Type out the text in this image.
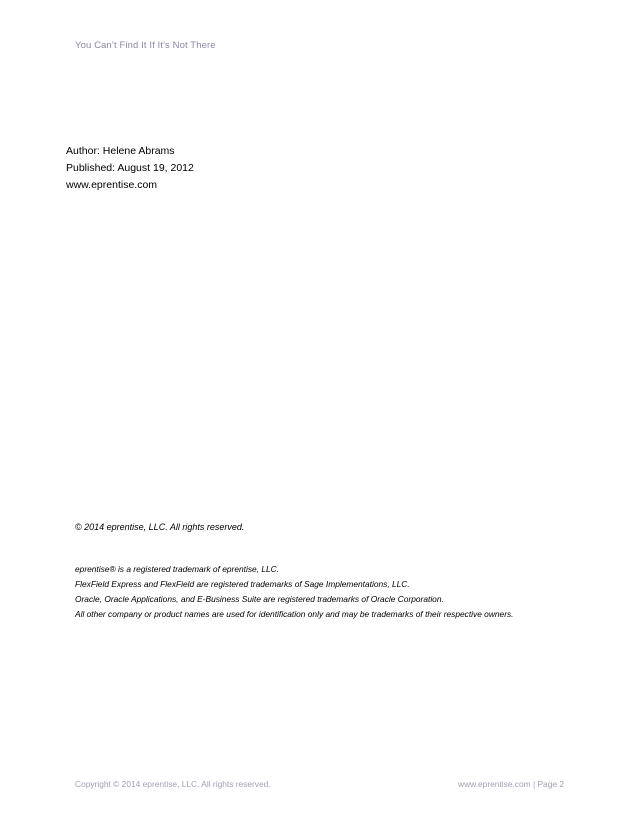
You Can’t Find It If It’s Not There
Author: Helene Abrams
Published: August 19, 2012
www.eprentise.com
© 2014 eprentise, LLC. All rights reserved.
eprentise® is a registered trademark of eprentise, LLC.
FlexField Express and FlexField are registered trademarks of Sage Implementations, LLC.
Oracle, Oracle Applications, and E-Business Suite are registered trademarks of Oracle Corporation.
All other company or product names are used for identification only and may be trademarks of their respective owners.
Copyright © 2014 eprentise, LLC. All rights reserved.	www.eprentise.com | Page 2
